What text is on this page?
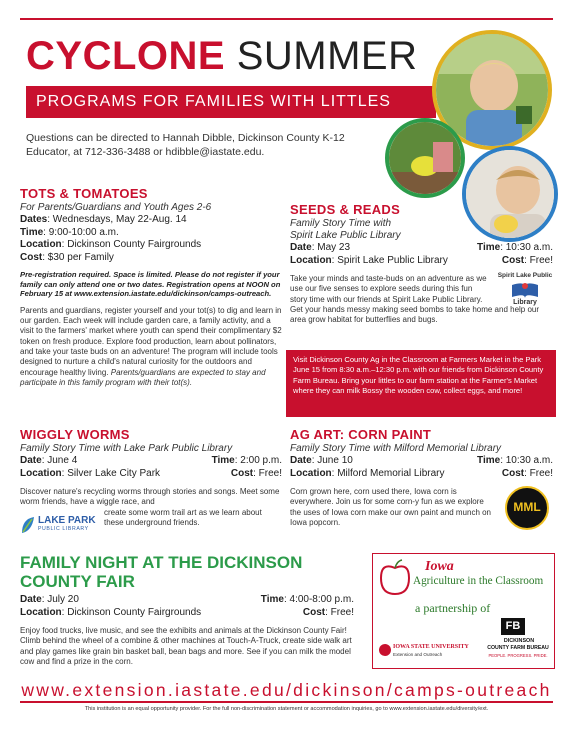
CYCLONE SUMMER
PROGRAMS FOR FAMILIES WITH LITTLES
Questions can be directed to Hannah Dibble, Dickinson County K-12 Educator, at 712-336-3488 or hdibble@iastate.edu.
TOTS & TOMATOES
For Parents/Guardians and Youth Ages 2-6
Dates: Wednesdays, May 22-Aug. 14
Time: 9:00-10:00 a.m.
Location: Dickinson County Fairgrounds
Cost: $30 per Family
Pre-registration required. Space is limited. Please do not register if your family can only attend one or two dates. Registration opens at NOON on February 15 at www.extension.iastate.edu/dickinson/camps-outreach.
Parents and guardians, register yourself and your tot(s) to dig and learn in our garden. Each week will include garden care, a family activity, and a visit to the farmers' market where youth can spend their complimentary $2 token on fresh produce. Explore food production, learn about pollinators, and take your taste buds on an adventure! The program will include tools designed to nurture a child's natural curiosity for the outdoors and encourage healthy living. Parents/guardians are expected to stay and participate in this family program with their tot(s).
SEEDS & READS
Family Story Time with
Spirit Lake Public Library
Date: May 23	Time: 10:30 a.m.
Location: Spirit Lake Public Library	Cost: Free!
Take your minds and taste-buds on an adventure as we use our five senses to explore seeds during this fun story time with our friends at Spirit Lake Public Library.
Get your hands messy making seed bombs to take home and help our area grow habitat for butterflies and bugs.
Spirit Lake Public
Library
Visit Dickinson County Ag in the Classroom at Farmers Market in the Park June 15 from 8:30 a.m.–12:30 p.m. with our friends from Dickinson County Farm Bureau. Bring your littles to our farm station at the Farmer's Market where they can milk Bossy the wooden cow, collect eggs, and more!
WIGGLY WORMS
Family Story Time with Lake Park Public Library
Date: June 4	Time: 2:00 p.m.
Location: Silver Lake City Park	Cost: Free!
Discover nature's recycling worms through stories and songs. Meet some worm friends, have a wiggle race, and
create some worm trail art as we learn about these underground friends.
LAKE PARK
PUBLIC LIBRARY
AG ART: CORN PAINT
Family Story Time with Milford Memorial Library
Date: June 10	Time: 10:30 a.m.
Location: Milford Memorial Library	Cost: Free!
Corn grown here, corn used there, Iowa corn is everywhere. Join us for some corn-y fun as we explore the uses of Iowa corn make our own paint and munch on Iowa popcorn.
MML
FAMILY NIGHT AT THE DICKINSON
COUNTY FAIR
Date: July 20	Time: 4:00-8:00 p.m.
Location: Dickinson County Fairgrounds	Cost: Free!
Enjoy food trucks, live music, and see the exhibits and animals at the Dickinson County Fair! Climb behind the wheel of a combine & other machines at Touch-A-Truck, create side walk art and play games like grain bin basket ball, bean bags and more. See if you can milk the model cow and find a prize in the corn.
Iowa
Agriculture in the Classroom
a partnership of
FB
IOWA STATE UNIVERSITY
Extension and Outreach
DICKINSON
COUNTY FARM BUREAU
PEOPLE. PROGRESS. PRIDE.
www.extension.iastate.edu/dickinson/camps-outreach
This institution is an equal opportunity provider. For the full non-discrimination statement or accommodation inquiries, go to www.extension.iastate.edu/diversity/ext.
